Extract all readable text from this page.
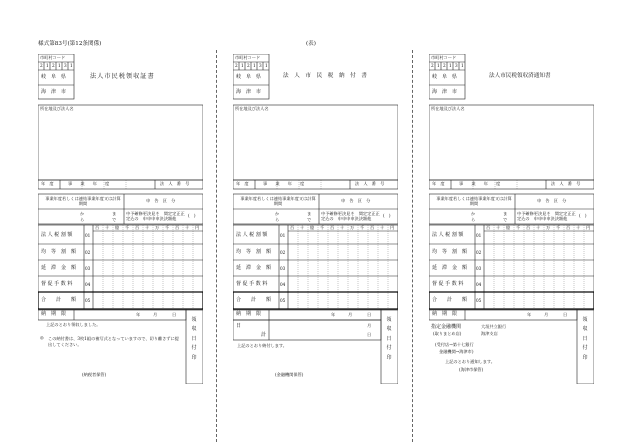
様式第83号(第12条関係)	(表)
市町村コード
2 1 2 1 3 1
岐　阜　県
海　津　市
法人市民税領収証書
所在地及び法人名
年　度	事　業　年　度	法　人　番　号
事業年度若しくは連結事業年度又は計算期間
申　告　区　分
か
ら
ま
で
中予確修更決見そ　間定定正正定込の　申申申申決決額他
(　)
百 十 億 千 百 十 万 千 百 十 円
法 人 税 割 額	01
均　等　割　額 02
延　滞　金　額 03
督 促 手 数 料	04
合　　計　　額 05
納　期　限	年	月	日
領収日付印
上記のとおり領収しました。
◎ この納付書は、3枚1組の複写式となっていますので、切り離さずに提出してください。
(納税者保管)
市町村コード
2 1 2 1 3 1
岐　阜　県
海　津　市
法　人　市　民　税　納　付　書
所在地及び法人名
年　度	事　業　年　度	法　人　番　号
事業年度若しくは連結事業年度又は計算期間
申　告　区　分
か
ら
ま
で
中予確修更決見そ　間定定正正定込の　申申申申決決額他
(　)
百 十 億 千 百 十 万 千 百 十 円
法 人 税 割 額	01
均　等　割　額 02
延　滞　金　額 03
督 促 手 数 料	04
合　　計　　額 05
納　期　限	年	月	日
日
計
月
日
領収日付印
上記のとおり納付します。
(金融機関保管)
市町村コード
2 1 2 1 3 1
岐　阜　県
海　津　市
法人市民税領収済通知書
所在地及び法人名
年　度	事　業　年　度	法　人　番　号
事業年度若しくは連結事業年度又は計算期間
申　告　区　分
か
ら
ま
で
中予確修更決見そ　間定定正正定込の　申申申申決決額他
(　)
百 十 億 千 百 十 万 千 百 十 円
法 人 税 割 額	01
均　等　割　額 02
延　滞　金　額 03
督 促 手 数 料	04
合　　計　　額 05
納　期　限	年	月	日
領収日付印
指定金融機関
(取りまとめ店)
大垣共立銀行
海津支店
(受付店→第十七銀行
金融機関→海津市)
上記のとおり通知します。
(海津市保管)
